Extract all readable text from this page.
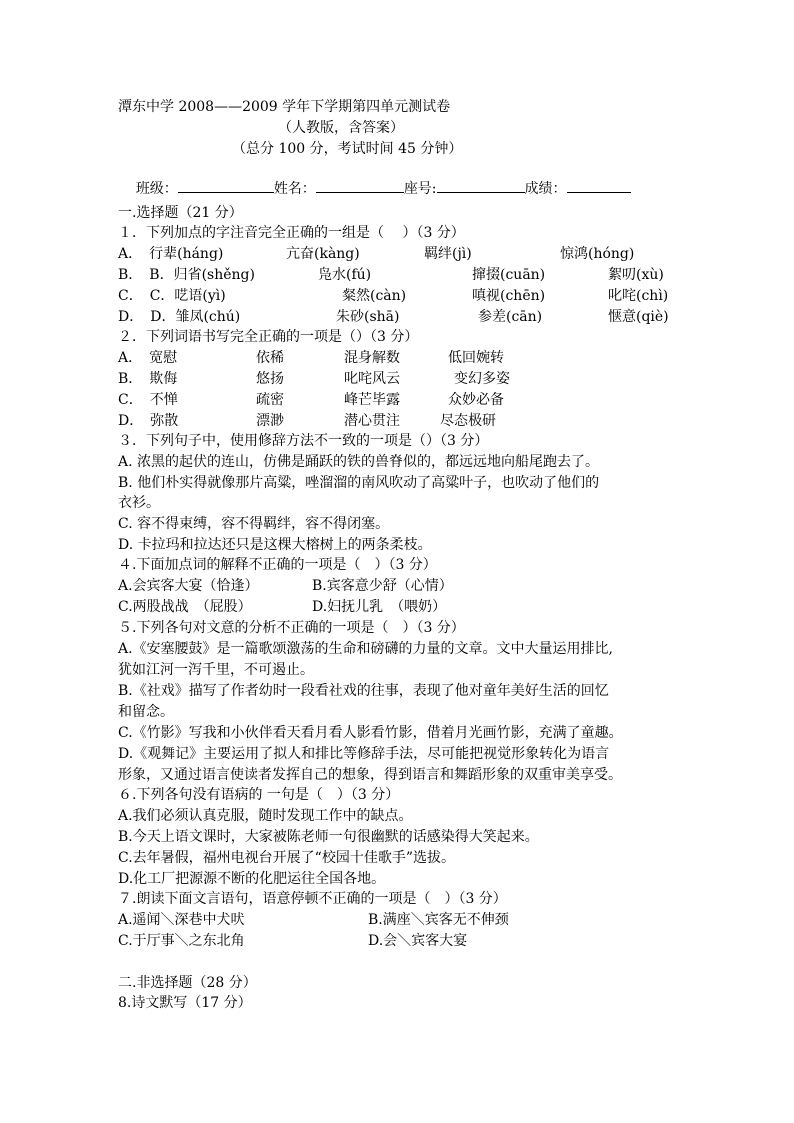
潭东中学 2008——2009 学年下学期第四单元测试卷
（人教版，含答案）
（总分 100 分，考试时间 45 分钟）

班级：	姓名：	座号:	成绩：

一.选择题（21 分）
１．下列加点的字注音完全正确的一组是（　 ）（3 分）
A．　行辈(háng)	亢奋(kàng)	羁绊(jì)	惊鸿(hóng)
B．　B．归省(shěng)	凫水(fú)	撺掇(cuān)	絮叨(xù)
C．　C．呓语(yì)	粲然(càn)	嗔视(chēn)	叱咤(chì)
D．　D．雏凤(chú)	朱砂(shā)	参差(cān)	惬意(qiè)
２．下列词语书写完全正确的一项是（）（3 分）
A．　宽慰	依稀	混身解数	低回婉转
B．　欺侮	悠扬	叱咤风云	变幻多姿
C．　不惮	疏密	峰芒毕露	众妙必备
D．　弥散	漂渺	潜心贯注	尽态极研
３．下列句子中，使用修辞方法不一致的一项是（）（3 分）
A. 浓黑的起伏的连山，仿佛是踊跃的铁的兽脊似的，都远远地向船尾跑去了。
B. 他们朴实得就像那片高粱，唑溜溜的南风吹动了高粱叶子，也吹动了他们的
衣衫。
C. 容不得束缚，容不得羁绊，容不得闭塞。
D. 卡拉玛和拉达还只是这棵大榕树上的两条柔枝。
４.下面加点词的解释不正确的一项是（　）（3 分）
A.会宾客大宴（恰逢）	B.宾客意少舒（心情）
C.两股战战　（屁股）	D.妇抚儿乳　（喂奶）
５.下列各句对文意的分析不正确的一项是（　）（3 分）
A.《安塞腰鼓》是一篇歌颂激荡的生命和磅礴的力量的文章。文中大量运用排比,
犹如江河一泻千里，不可遏止。
B.《社戏》描写了作者幼时一段看社戏的往事，表现了他对童年美好生活的回忆
和留念。
C.《竹影》写我和小伙伴看天看月看人影看竹影，借着月光画竹影，充满了童趣。
D.《观舞记》主要运用了拟人和排比等修辞手法，尽可能把视觉形象转化为语言
形象，又通过语言使读者发挥自己的想象，得到语言和舞蹈形象的双重审美享受。
６.下列各句没有语病的 一句是（　）（3 分）
A.我们必须认真克服，随时发现工作中的缺点。
B.今天上语文课时，大家被陈老师一句很幽默的话感染得大笑起来。
C.去年暑假，福州电视台开展了“校园十佳歌手”选拔。
D.化工厂把源源不断的化肥运往全国各地。
７.朗读下面文言语句，语意停顿不正确的一项是（　）（3 分）
A.遥闻＼深巷中犬吠	B.满座＼宾客无不伸颈
C.于厅事＼之东北角	D.会＼宾客大宴
二.非选择题（28 分）
8.诗文默写（17 分）
